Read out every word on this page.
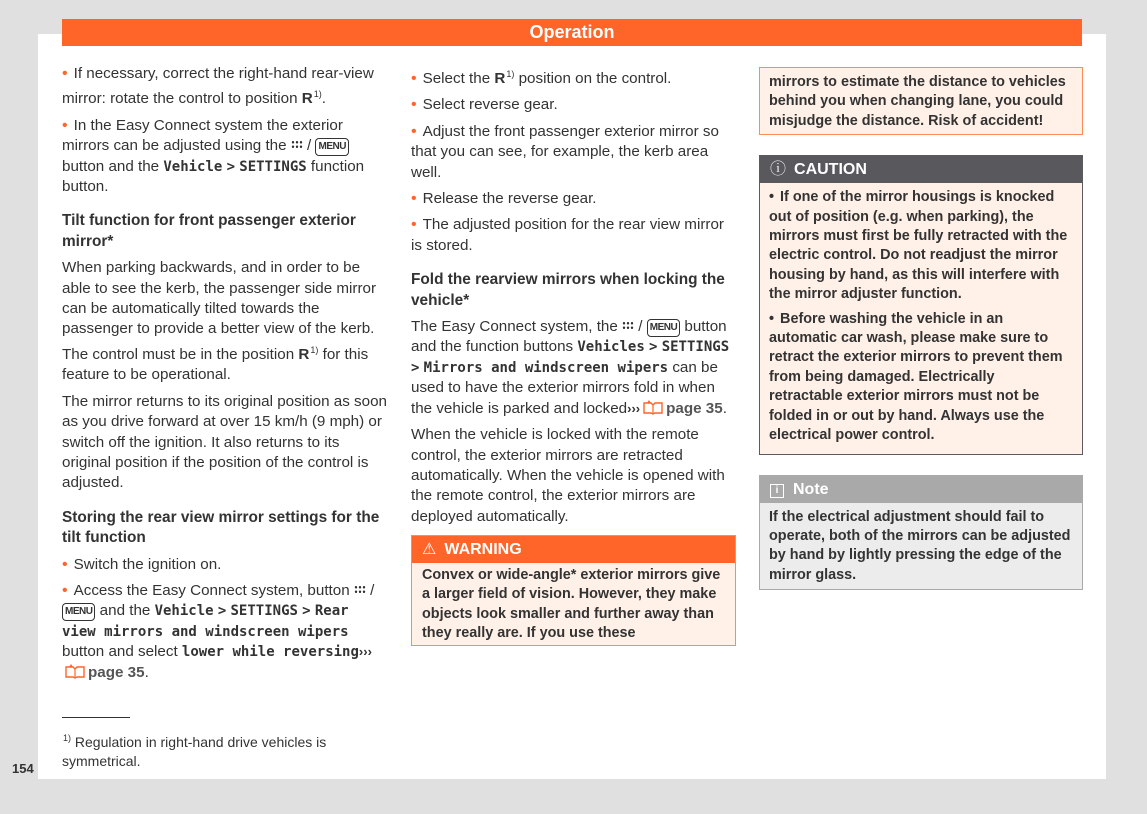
Operation

• If necessary, correct the right-hand rear-view mirror: rotate the control to position $R^{1)}$.

• In the Easy Connect system the exterior mirrors can be adjusted using the  / MENU button and the Vehicle > SETTINGS function button.

Tilt function for front passenger exterior mirror*

When parking backwards, and in order to be able to see the kerb, the passenger side mirror can be automatically tilted towards the passenger to provide a better view of the kerb. The control must be in the position $R^{1)}$ for this feature to be operational.

The mirror returns to its original position as soon as you drive forward at over 15 km/h (9 mph) or switch off the ignition. It also returns to its original position if the position of the control is adjusted.

Storing the rear view mirror settings for the tilt function

• Switch the ignition on.

• Access the Easy Connect system, button  / MENU and the Vehicle > SETTINGS > Rear view mirrors and windscreen wipers button and select lower while reversing›››page 35.

• Select the $R^{1)}$ position on the control.

• Select reverse gear.

• Adjust the front passenger exterior mirror so that you can see, for example, the kerb area well.

• Release the reverse gear.

• The adjusted position for the rear view mirror is stored.

Fold the rearview mirrors when locking the vehicle*

The Easy Connect system, the  / MENU button and the function buttons Vehicles > SETTINGS > Mirrors and windscreen wipers can be used to have the exterior mirrors fold in when the vehicle is parked and locked››› page 35.

When the vehicle is locked with the remote control, the exterior mirrors are retracted automatically. When the vehicle is opened with the remote control, the exterior mirrors are deployed automatically.

⚠ WARNING
Convex or wide-angle* exterior mirrors give a larger field of vision. However, they make objects look smaller and further away than they really are. If you use these
mirrors to estimate the distance to vehicles behind you when changing lane, you could misjudge the distance. Risk of accident!
ⓘ CAUTION

• If one of the mirror housings is knocked out of position (e.g. when parking), the mirrors must first be fully retracted with the electric control. Do not readjust the mirror housing by hand, as this will interfere with the mirror adjuster function.

• Before washing the vehicle in an automatic car wash, please make sure to retract the exterior mirrors to prevent them from being damaged. Electrically retractable exterior mirrors must not be folded in or out by hand. Always use the electrical power control.

i Note
If the electrical adjustment should fail to operate, both of the mirrors can be adjusted by hand by lightly pressing the edge of the mirror glass.
$^{1)}$ Regulation in right-hand drive vehicles is symmetrical.
154
